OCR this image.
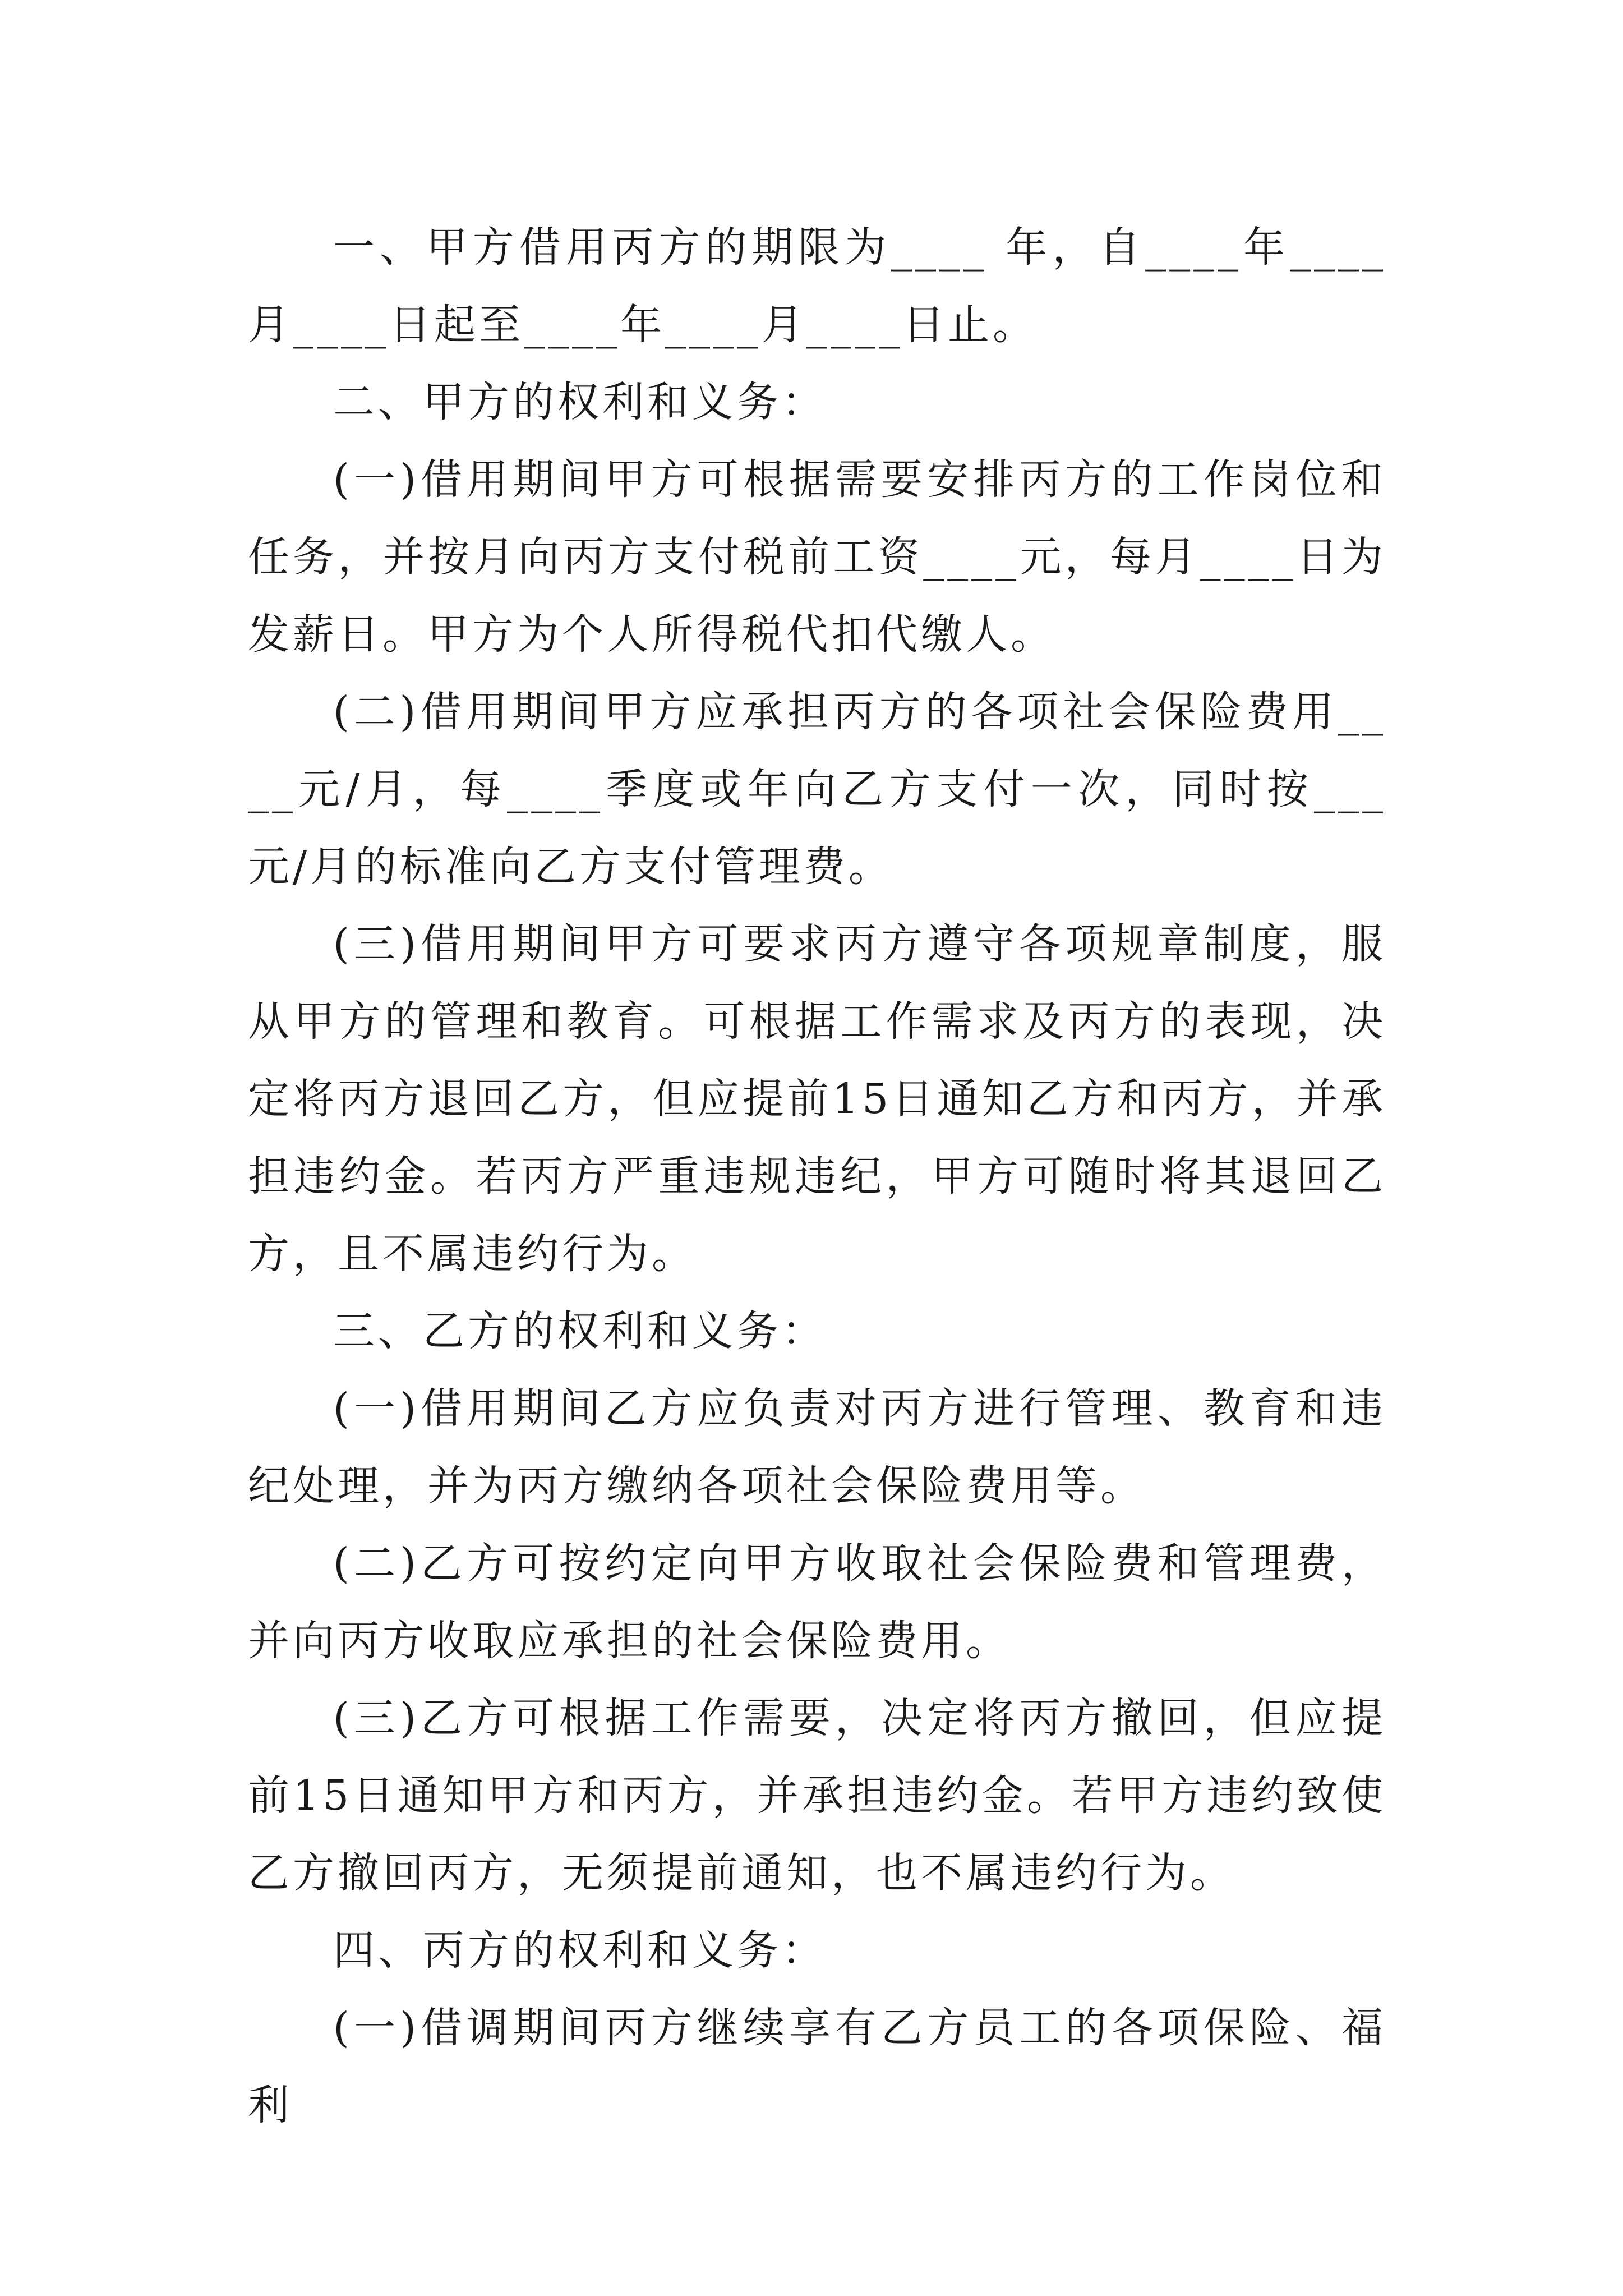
一、甲方借用丙方的期限为____ 年，自____年____月____日起至____年____月____日止。

二、甲方的权利和义务：

(一)借用期间甲方可根据需要安排丙方的工作岗位和任务，并按月向丙方支付税前工资____元，每月____日为发薪日。甲方为个人所得税代扣代缴人。

(二)借用期间甲方应承担丙方的各项社会保险费用____元/月，每____季度或年向乙方支付一次，同时按___元/月的标准向乙方支付管理费。

(三)借用期间甲方可要求丙方遵守各项规章制度，服从甲方的管理和教育。可根据工作需求及丙方的表现，决定将丙方退回乙方，但应提前15日通知乙方和丙方，并承担违约金。若丙方严重违规违纪，甲方可随时将其退回乙方，且不属违约行为。

三、乙方的权利和义务：

(一)借用期间乙方应负责对丙方进行管理、教育和违纪处理，并为丙方缴纳各项社会保险费用等。

(二)乙方可按约定向甲方收取社会保险费和管理费，并向丙方收取应承担的社会保险费用。

(三)乙方可根据工作需要，决定将丙方撤回，但应提前15日通知甲方和丙方，并承担违约金。若甲方违约致使乙方撤回丙方，无须提前通知，也不属违约行为。

四、丙方的权利和义务：

(一)借调期间丙方继续享有乙方员工的各项保险、福利
